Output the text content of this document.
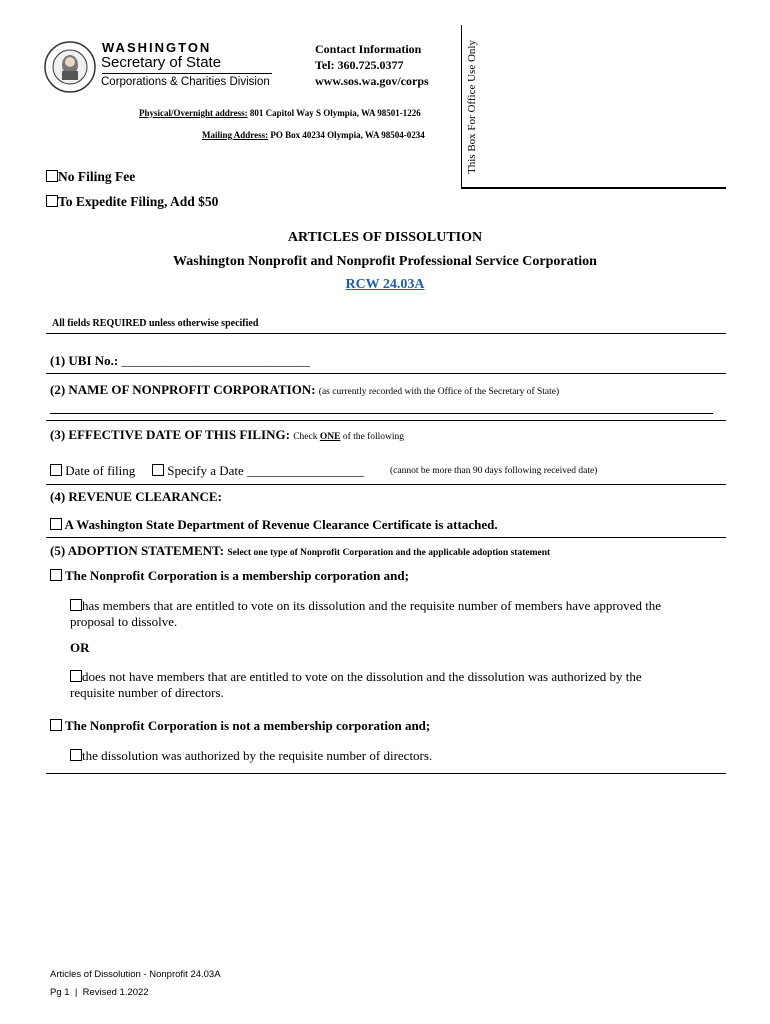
WASHINGTON
Secretary of State
Corporations & Charities Division
Contact Information
Tel: 360.725.0377
www.sos.wa.gov/corps
Physical/Overnight address: 801 Capitol Way S Olympia, WA 98501-1226
Mailing Address: PO Box 40234 Olympia, WA 98504-0234	This Box For Office Use Only
No Filing Fee
To Expedite Filing, Add $50
ARTICLES OF DISSOLUTION
Washington Nonprofit and Nonprofit Professional Service Corporation
RCW 24.03A
All fields REQUIRED unless otherwise specified
(1) UBI No.: _____________________________
(2) NAME OF NONPROFIT CORPORATION: (as currently recorded with the Office of the Secretary of State)
(3) EFFECTIVE DATE OF THIS FILING: Check ONE of the following
Date of filing	Specify a Date __________________	(cannot be more than 90 days following received date)
(4) REVENUE CLEARANCE:
A Washington State Department of Revenue Clearance Certificate is attached.
(5) ADOPTION STATEMENT: Select one type of Nonprofit Corporation and the applicable adoption statement
The Nonprofit Corporation is a membership corporation and;
has members that are entitled to vote on its dissolution and the requisite number of members have approved the
proposal to dissolve.
OR
does not have members that are entitled to vote on the dissolution and the dissolution was authorized by the
requisite number of directors.
The Nonprofit Corporation is not a membership corporation and;
the dissolution was authorized by the requisite number of directors.
Articles of Dissolution - Nonprofit 24.03A
Pg 1  |  Revised 1.2022
